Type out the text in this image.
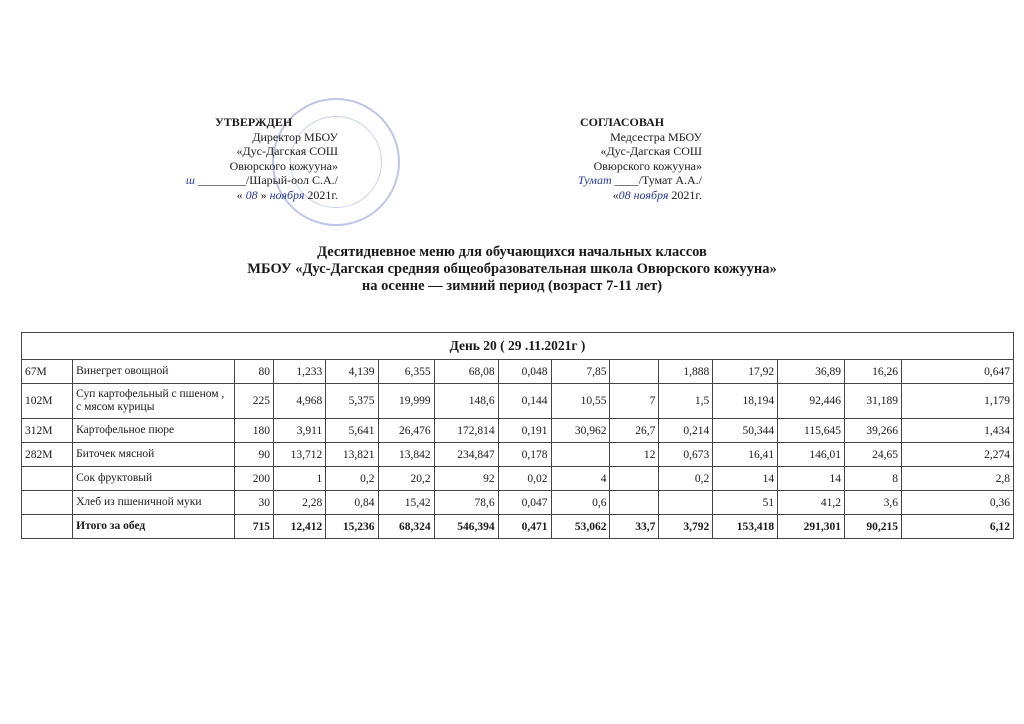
УТВЕРЖДЕН
Директор МБОУ
«Дус-Дагская СОШ
Овюрского кожууна»
ш ________/Шарый-оол С.А./
« 08 » ноября 2021г.
СОГЛАСОВАН
Медсестра МБОУ
«Дус-Дагская СОШ
Овюрского кожууна»
Тумат ____/Тумат А.А./
«08 ноября 2021г.
Десятидневное меню для обучающихся начальных классов
МБОУ «Дус-Дагская средняя общеобразовательная школа Овюрского кожууна»
на осенне — зимний период (возраст 7-11 лет)
День 20 ( 29 .11.2021г )														
67М	Винегрет овощной	80	1,233	4,139	6,355	68,08	0,048	7,85		1,888	17,92	36,89	16,26	0,647
102М	Суп картофельный с пшеном , с мясом курицы	225	4,968	5,375	19,999	148,6	0,144	10,55	7	1,5	18,194	92,446	31,189	1,179
312М	Картофельное пюре	180	3,911	5,641	26,476	172,814	0,191	30,962	26,7	0,214	50,344	115,645	39,266	1,434
282М	Биточек мясной	90	13,712	13,821	13,842	234,847	0,178		12	0,673	16,41	146,01	24,65	2,274
	Сок фруктовый	200	1	0,2	20,2	92	0,02	4		0,2	14	14	8	2,8
	Хлеб из пшеничной муки	30	2,28	0,84	15,42	78,6	0,047	0,6			51	41,2	3,6	0,36
	Итого за обед	715	12,412	15,236	68,324	546,394	0,471	53,062	33,7	3,792	153,418	291,301	90,215	6,12
